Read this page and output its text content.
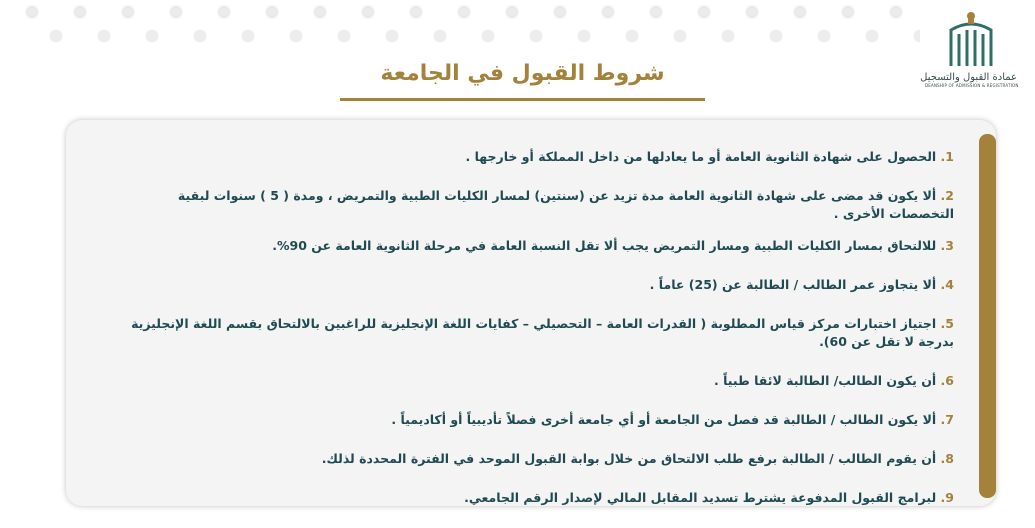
عمادة القبول والتسجيل
DEANSHIP OF ADMISSION & REGISTRATION
شروط القبول في الجامعة
1. الحصول على شهادة الثانوية العامة أو ما يعادلها من داخل المملكة أو خارجها .
2. ألا يكون قد مضى على شهادة الثانوية العامة مدة تزيد عن (سنتين) لمسار الكليات الطبية والتمريض ، ومدة ( 5 ) سنوات لبقية التخصصات الأخرى .
3. للالتحاق بمسار الكليات الطبية ومسار التمريض يجب ألا تقل النسبة العامة في مرحلة الثانوية العامة عن 90%.
4. ألا يتجاوز عمر الطالب / الطالبة عن (25) عاماً .
5. اجتياز اختبارات مركز قياس المطلوبة ( القدرات العامة – التحصيلي – كفايات اللغة الإنجليزية للراغبين بالالتحاق بقسم اللغة الإنجليزية بدرجة لا تقل عن 60).
6. أن يكون الطالب/ الطالبة لائقا طبياً .
7. ألا يكون الطالب / الطالبة قد فصل من الجامعة أو أي جامعة أخرى فصلاً تأديبياً أو أكاديمياً .
8. أن يقوم الطالب / الطالبة برفع طلب الالتحاق من خلال بوابة القبول الموحد في الفترة المحددة لذلك.
9. لبرامج القبول المدفوعة يشترط تسديد المقابل المالي لإصدار الرقم الجامعي.
